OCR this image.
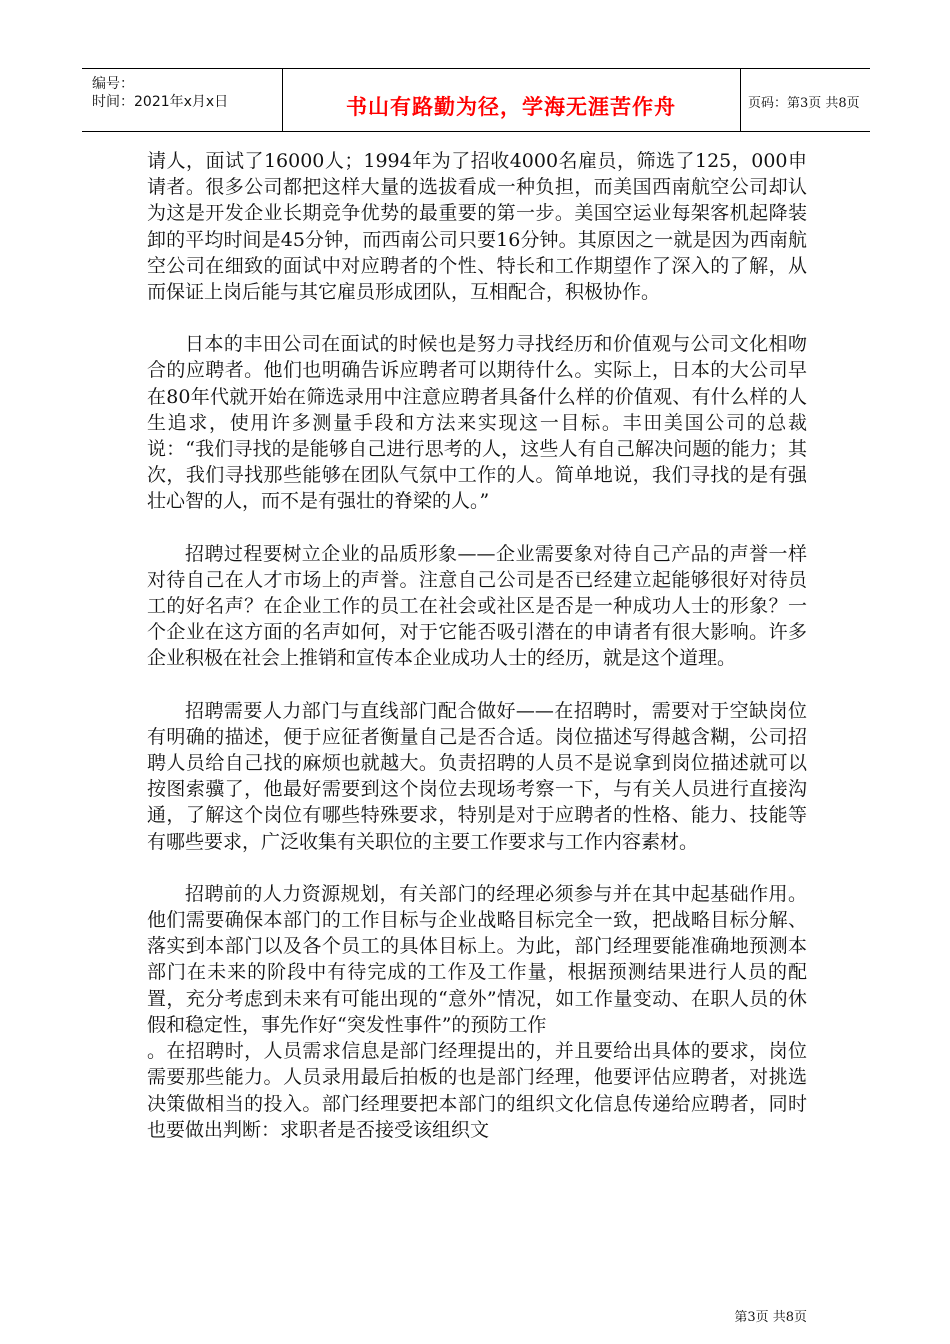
编号：
时间：2021年x月x日	书山有路勤为径，学海无涯苦作舟	页码：第3页 共8页

请人，面试了16000人；1994年为了招收4000名雇员，筛选了125，000申请者。很多公司都把这样大量的选拔看成一种负担，而美国西南航空公司却认为这是开发企业长期竞争优势的最重要的第一步。美国空运业每架客机起降装卸的平均时间是45分钟，而西南公司只要16分钟。其原因之一就是因为西南航空公司在细致的面试中对应聘者的个性、特长和工作期望作了深入的了解，从而保证上岗后能与其它雇员形成团队，互相配合，积极协作。

日本的丰田公司在面试的时候也是努力寻找经历和价值观与公司文化相吻合的应聘者。他们也明确告诉应聘者可以期待什么。实际上，日本的大公司早在80年代就开始在筛选录用中注意应聘者具备什么样的价值观、有什么样的人生追求，使用许多测量手段和方法来实现这一目标。丰田美国公司的总裁说：“我们寻找的是能够自己进行思考的人，这些人有自己解决问题的能力；其次，我们寻找那些能够在团队气氛中工作的人。简单地说，我们寻找的是有强壮心智的人，而不是有强壮的脊梁的人。”

招聘过程要树立企业的品质形象——企业需要象对待自己产品的声誉一样对待自己在人才市场上的声誉。注意自己公司是否已经建立起能够很好对待员工的好名声？在企业工作的员工在社会或社区是否是一种成功人士的形象？一个企业在这方面的名声如何，对于它能否吸引潜在的申请者有很大影响。许多企业积极在社会上推销和宣传本企业成功人士的经历，就是这个道理。

招聘需要人力部门与直线部门配合做好——在招聘时，需要对于空缺岗位有明确的描述，便于应征者衡量自己是否合适。岗位描述写得越含糊，公司招聘人员给自己找的麻烦也就越大。负责招聘的人员不是说拿到岗位描述就可以按图索骥了，他最好需要到这个岗位去现场考察一下，与有关人员进行直接沟通，了解这个岗位有哪些特殊要求，特别是对于应聘者的性格、能力、技能等有哪些要求，广泛收集有关职位的主要工作要求与工作内容素材。

招聘前的人力资源规划，有关部门的经理必须参与并在其中起基础作用。他们需要确保本部门的工作目标与企业战略目标完全一致，把战略目标分解、落实到本部门以及各个员工的具体目标上。为此，部门经理要能准确地预测本部门在未来的阶段中有待完成的工作及工作量，根据预测结果进行人员的配置，充分考虑到未来有可能出现的“意外”情况，如工作量变动、在职人员的休假和稳定性，事先作好“突发性事件”的预防工作

。在招聘时，人员需求信息是部门经理提出的，并且要给出具体的要求，岗位需要那些能力。人员录用最后拍板的也是部门经理，他要评估应聘者，对挑选决策做相当的投入。部门经理要把本部门的组织文化信息传递给应聘者，同时也要做出判断：求职者是否接受该组织文

第3页 共8页
